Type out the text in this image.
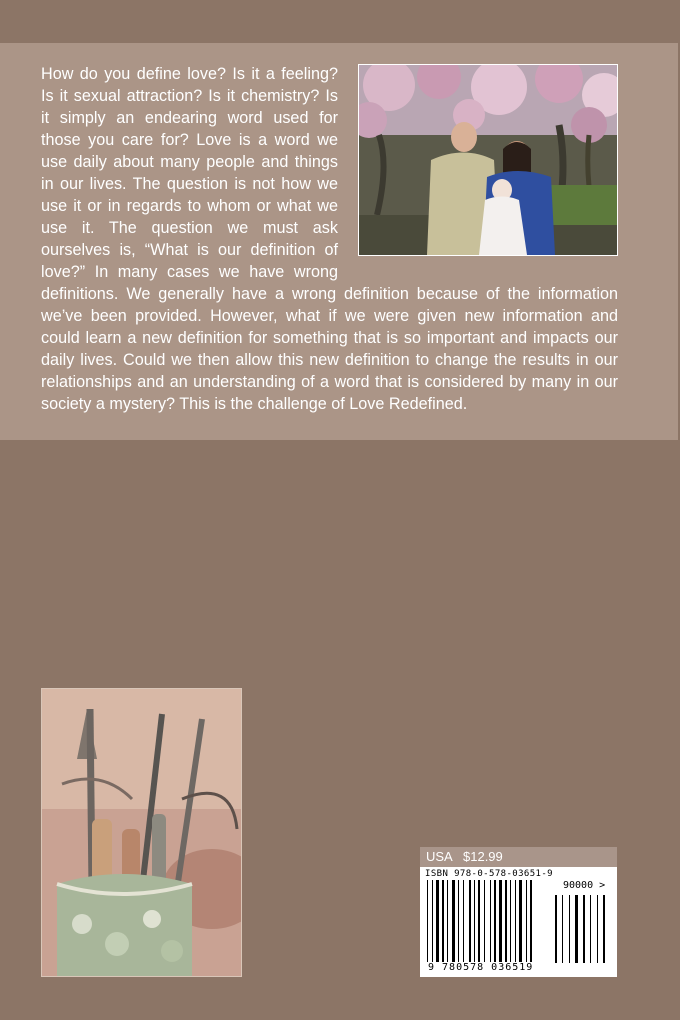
How do you define love? Is it a feeling? Is it sexual attraction? Is it chemistry? Is it simply an endearing word used for those you care for? Love is a word we use daily about many people and things in our lives. The question is not how we use it or in regards to whom or what we use it. The question we must ask ourselves is, “What is our definition of love?” In many cases we have wrong definitions. We generally have a wrong definition because of the information we’ve been provided. However, what if we were given new information and could learn a new definition for something that is so important and impacts our daily lives. Could we then allow this new definition to change the results in our relationships and an understanding of a word that is considered by many in our society a mystery? This is the challenge of Love Redefined.
USA $12.99
ISBN 978-0-578-03651-9
90000 >
9 780578 036519
